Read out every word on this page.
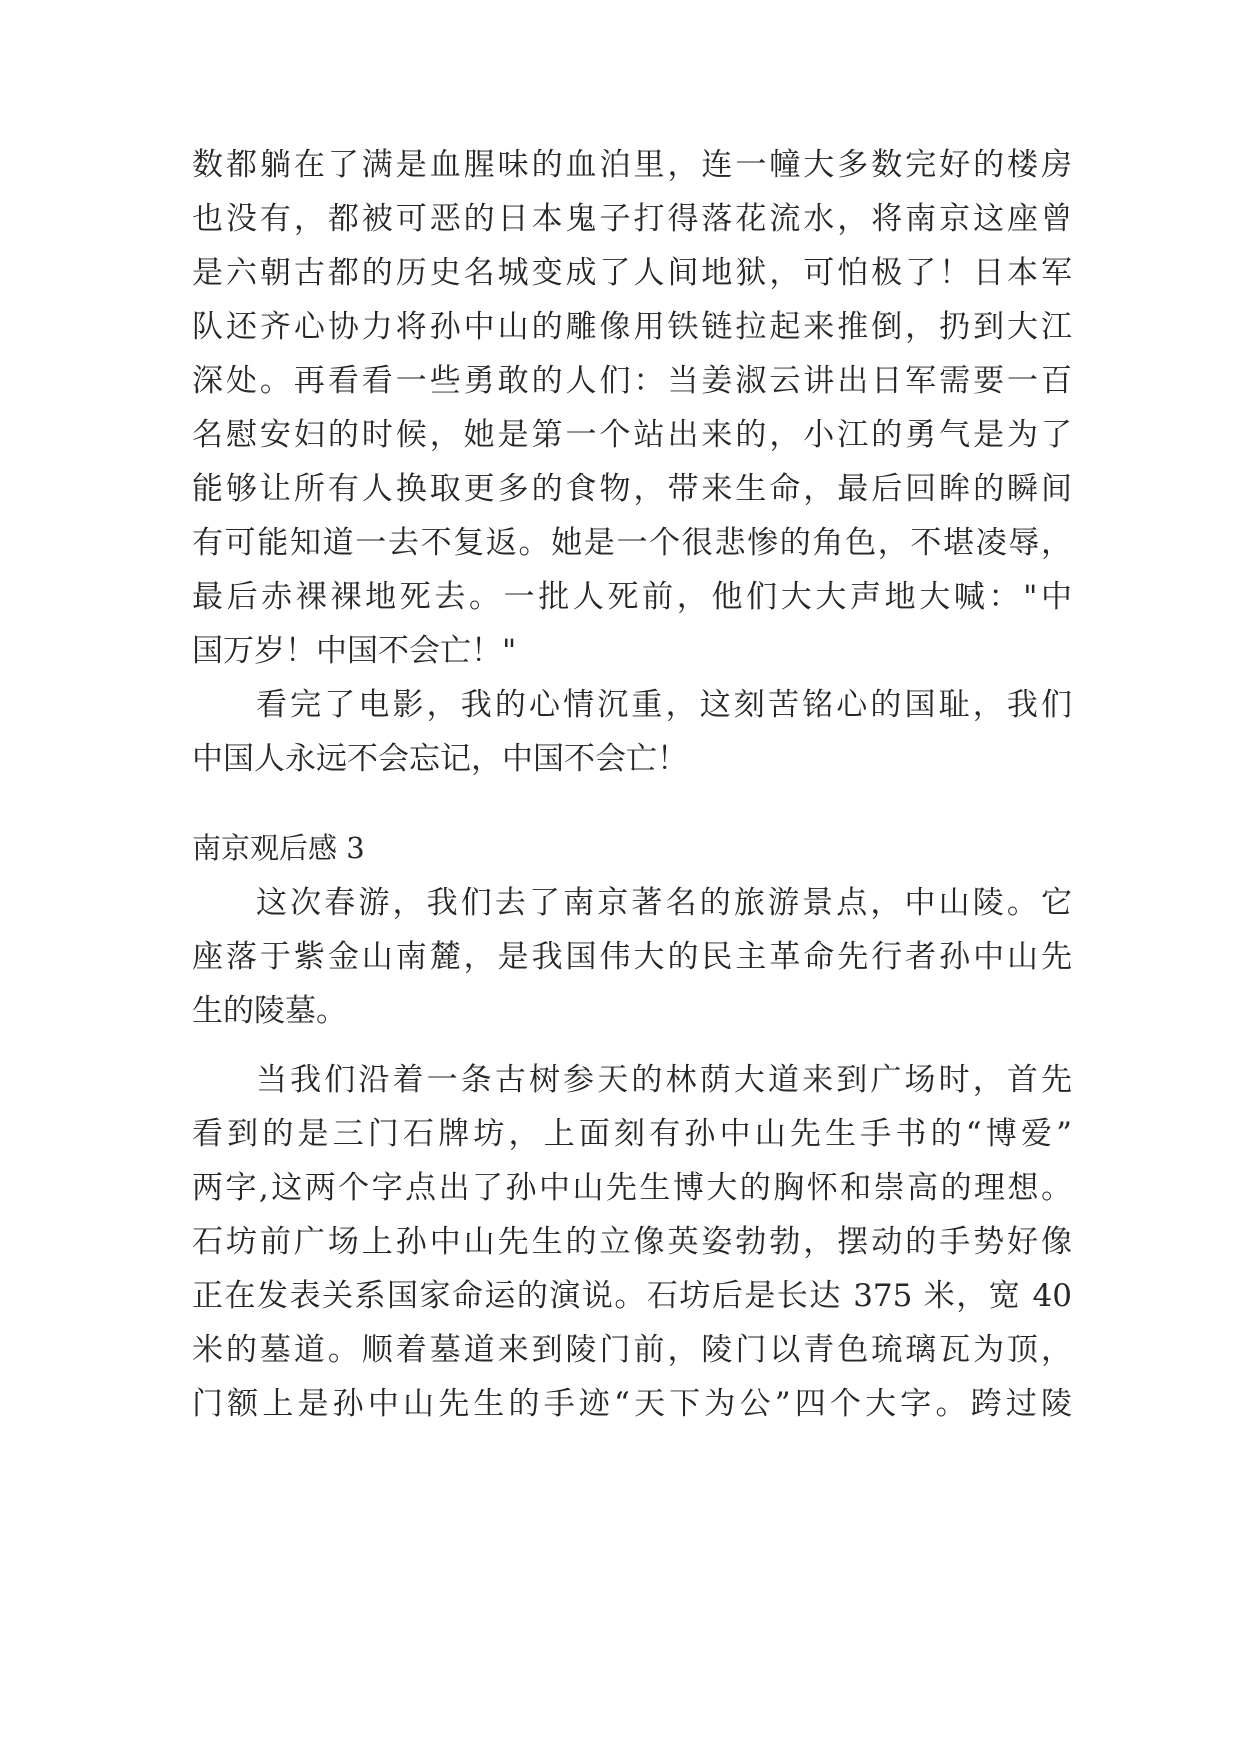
数都躺在了满是血腥味的血泊里，连一幢大多数完好的楼房
也没有，都被可恶的日本鬼子打得落花流水，将南京这座曾
是六朝古都的历史名城变成了人间地狱，可怕极了！日本军
队还齐心协力将孙中山的雕像用铁链拉起来推倒，扔到大江
深处。再看看一些勇敢的人们：当姜淑云讲出日军需要一百
名慰安妇的时候，她是第一个站出来的，小江的勇气是为了
能够让所有人换取更多的食物，带来生命，最后回眸的瞬间
有可能知道一去不复返。她是一个很悲惨的角色，不堪凌辱，
最后赤裸裸地死去。一批人死前，他们大大声地大喊："中
国万岁！中国不会亡！"
看完了电影，我的心情沉重，这刻苦铭心的国耻，我们
中国人永远不会忘记，中国不会亡！
南京观后感 3
这次春游，我们去了南京著名的旅游景点，中山陵。它
座落于紫金山南麓，是我国伟大的民主革命先行者孙中山先
生的陵墓。
当我们沿着一条古树参天的林荫大道来到广场时，首先
看到的是三门石牌坊，上面刻有孙中山先生手书的“博爱”
两字,这两个字点出了孙中山先生博大的胸怀和崇高的理想。
石坊前广场上孙中山先生的立像英姿勃勃，摆动的手势好像
正在发表关系国家命运的演说。石坊后是长达 375 米，宽 40
米的墓道。顺着墓道来到陵门前，陵门以青色琉璃瓦为顶，
门额上是孙中山先生的手迹“天下为公”四个大字。跨过陵
